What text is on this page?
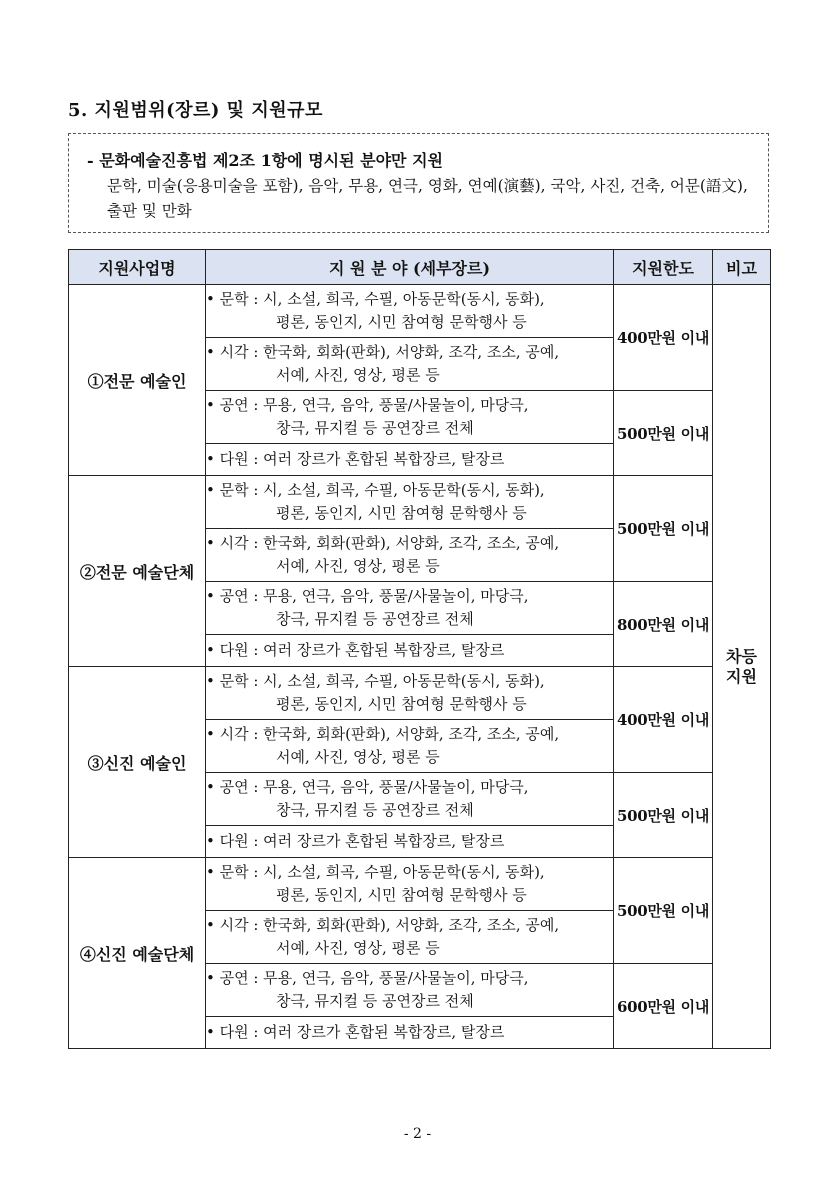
5. 지원범위(장르) 및 지원규모
- 문화예술진흥법 제2조 1항에 명시된 분야만 지원
문학, 미술(응용미술을 포함), 음악, 무용, 연극, 영화, 연예(演藝), 국악, 사진, 건축, 어문(語文), 출판 및 만화
지원사업명	지 원 분 야 (세부장르)	지원한도	비고
①전문 예술인	• 문학 : 시, 소설, 희곡, 수필, 아동문학(동시, 동화),
평론, 동인지, 시민 참여형 문학행사 등	400만원 이내	차등
지원

	• 시각 : 한국화, 회화(판화), 서양화, 조각, 조소, 공예,
서예, 사진, 영상, 평론 등		

	• 공연 : 무용, 연극, 음악, 풍물/사물놀이, 마당극,
창극, 뮤지컬 등 공연장르 전체	500만원 이내	

	• 다원 : 여러 장르가 혼합된 복합장르, 탈장르		

②전문 예술단체	• 문학 : 시, 소설, 희곡, 수필, 아동문학(동시, 동화),
평론, 동인지, 시민 참여형 문학행사 등	500만원 이내	

	• 시각 : 한국화, 회화(판화), 서양화, 조각, 조소, 공예,
서예, 사진, 영상, 평론 등		

	• 공연 : 무용, 연극, 음악, 풍물/사물놀이, 마당극,
창극, 뮤지컬 등 공연장르 전체	800만원 이내	

	• 다원 : 여러 장르가 혼합된 복합장르, 탈장르		

③신진 예술인	• 문학 : 시, 소설, 희곡, 수필, 아동문학(동시, 동화),
평론, 동인지, 시민 참여형 문학행사 등	400만원 이내	

	• 시각 : 한국화, 회화(판화), 서양화, 조각, 조소, 공예,
서예, 사진, 영상, 평론 등		

	• 공연 : 무용, 연극, 음악, 풍물/사물놀이, 마당극,
창극, 뮤지컬 등 공연장르 전체	500만원 이내	

	• 다원 : 여러 장르가 혼합된 복합장르, 탈장르		

④신진 예술단체	• 문학 : 시, 소설, 희곡, 수필, 아동문학(동시, 동화),
평론, 동인지, 시민 참여형 문학행사 등	500만원 이내	

	• 시각 : 한국화, 회화(판화), 서양화, 조각, 조소, 공예,
서예, 사진, 영상, 평론 등		

	• 공연 : 무용, 연극, 음악, 풍물/사물놀이, 마당극,
창극, 뮤지컬 등 공연장르 전체	600만원 이내	

	• 다원 : 여러 장르가 혼합된 복합장르, 탈장르		
- 2 -
